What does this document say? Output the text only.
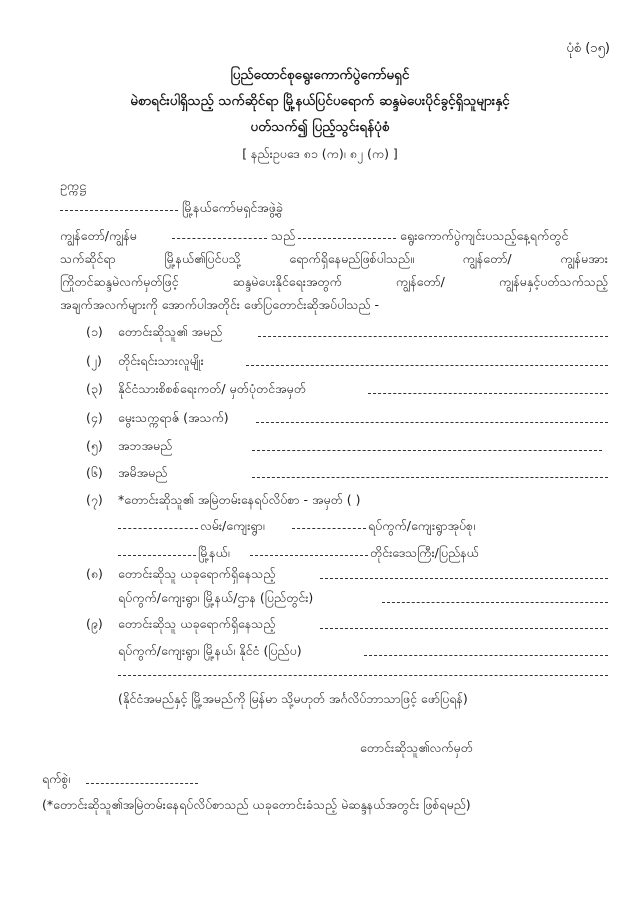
ပုံစံ (၁၅)
ပြည်ထောင်စုရွေးကောက်ပွဲကော်မရှင်
မဲစာရင်းပါရှိသည့် သက်ဆိုင်ရာ မြို့နယ်ပြင်ပရောက် ဆန္ဒမဲပေးပိုင်ခွင့်ရှိသူများနှင့်
ပတ်သက်၍ ပြည့်သွင်းရန်ပုံစံ
[ နည်းဥပဒေ ၈၁ (က)၊ ၈၂ (က) ]
ဥက္ကဋ္ဌ
မြို့နယ်ကော်မရှင်အဖွဲ့ခွဲ
ကျွန်တော်/ကျွန်မ	သည်	ရွေးကောက်ပွဲကျင်းပသည့်နေ့ရက်တွင်
သက်ဆိုင်ရာ	မြို့နယ်၏ပြင်ပသို့	ရောက်ရှိနေမည်ဖြစ်ပါသည်။	ကျွန်တော်/	ကျွန်မအား
ကြိုတင်ဆန္ဒမဲလက်မှတ်ဖြင့်	ဆန္ဒမဲပေးနိုင်ရေးအတွက်	ကျွန်တော်/	ကျွန်မနှင့်ပတ်သက်သည့်
အချက်အလက်များကို အောက်ပါအတိုင်း ဖော်ပြတောင်းဆိုအပ်ပါသည် -
(၁) တောင်းဆိုသူ၏ အမည်
(၂) တိုင်းရင်းသားလူမျိုး
(၃) နိုင်ငံသားစိစစ်ရေးကတ်/ မှတ်ပုံတင်အမှတ်
(၄) မွေးသက္ကရာဇ် (အသက်)
(၅) အဘအမည်
(၆) အမိအမည်
(၇) *တောင်းဆိုသူ၏ အမြဲတမ်းနေရပ်လိပ်စာ - အမှတ် ( )
လမ်း/ကျေးရွာ၊	ရပ်ကွက်/ကျေးရွာအုပ်စု၊
မြို့နယ်၊	တိုင်းဒေသကြီး/ပြည်နယ်
(၈) တောင်းဆိုသူ ယခုရောက်ရှိနေသည့်
ရပ်ကွက်/ကျေးရွာ၊ မြို့နယ်/ဌာန (ပြည်တွင်း)
(၉) တောင်းဆိုသူ ယခုရောက်ရှိနေသည့်
ရပ်ကွက်/ကျေးရွာ၊ မြို့နယ်၊ နိုင်ငံ (ပြည်ပ)
(နိုင်ငံအမည်နှင့် မြို့အမည်ကို မြန်မာ သို့မဟုတ် အင်္ဂလိပ်ဘာသာဖြင့် ဖော်ပြရန်)
တောင်းဆိုသူ၏လက်မှတ်
ရက်စွဲ၊
(*တောင်းဆိုသူ၏အမြဲတမ်းနေရပ်လိပ်စာသည် ယခုတောင်းခံသည့် မဲဆန္ဒနယ်အတွင်း ဖြစ်ရမည်)
